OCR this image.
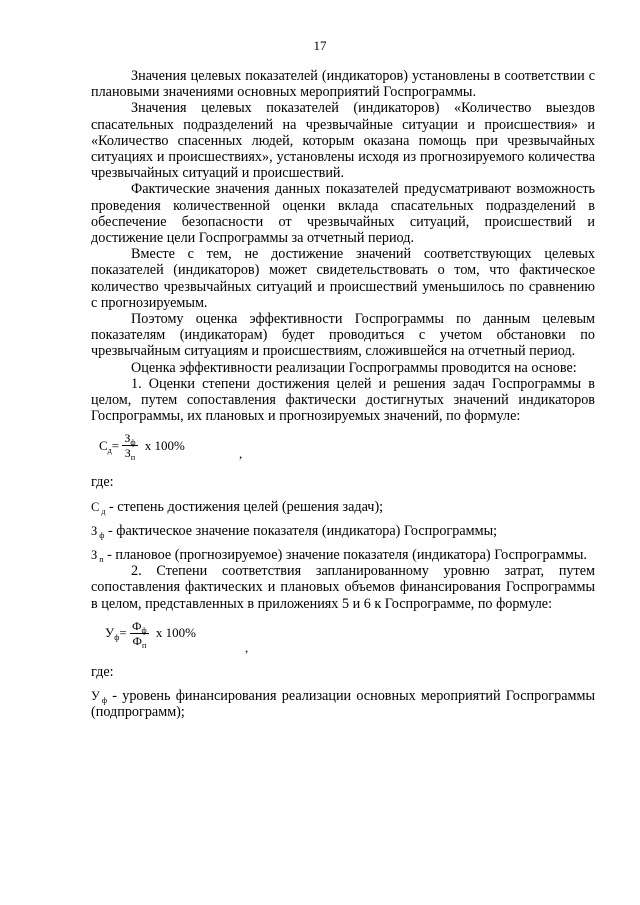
17

Значения целевых показателей (индикаторов) установлены в соответствии с плановыми значениями основных мероприятий Госпрограммы.

Значения целевых показателей (индикаторов) «Количество выездов спасательных подразделений на чрезвычайные ситуации и происшествия» и «Количество спасенных людей, которым оказана помощь при чрезвычайных ситуациях и происшествиях», установлены исходя из прогнозируемого количества чрезвычайных ситуаций и происшествий.

Фактические значения данных показателей предусматривают возможность проведения количественной оценки вклада спасательных подразделений в обеспечение безопасности от чрезвычайных ситуаций, происшествий и достижение цели Госпрограммы за отчетный период.

Вместе с тем, не достижение значений соответствующих целевых показателей (индикаторов) может свидетельствовать о том, что фактическое количество чрезвычайных ситуаций и происшествий уменьшилось по сравнению с прогнозируемым.

Поэтому оценка эффективности Госпрограммы по данным целевым показателям (индикаторам) будет проводиться с учетом обстановки по чрезвычайным ситуациям и происшествиям, сложившейся на отчетный период.

Оценка эффективности реализации Госпрограммы проводится на основе:

1. Оценки степени достижения целей и решения задач Госпрограммы в целом, путем сопоставления фактически достигнутых значений индикаторов Госпрограммы, их плановых и прогнозируемых значений, по формуле:

$С_д= \frac{З_ф}{З_п}$ х 100%
,

где:

С $_д$ - степень достижения целей (решения задач);

З $_ф$ - фактическое значение показателя (индикатора) Госпрограммы;

З $_п$ - плановое (прогнозируемое) значение показателя (индикатора) Госпрограммы.

2. Степени соответствия запланированному уровню затрат, путем сопоставления фактических и плановых объемов финансирования Госпрограммы в целом, представленных в приложениях 5 и 6 к Госпрограмме, по формуле:

$У_ф= \frac{Ф_ф}{Ф_п}$ х 100%
,

где:

У $_ф$ - уровень финансирования реализации основных мероприятий Госпрограммы (подпрограмм);
